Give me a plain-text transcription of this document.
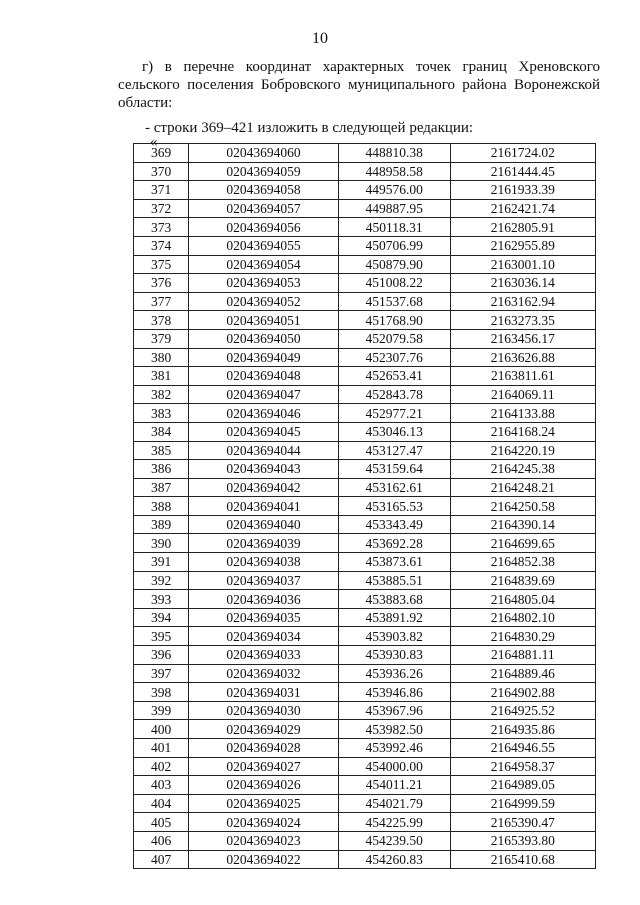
10
г) в перечне координат характерных точек границ Хреновского сельского поселения Бобровского муниципального района Воронежской области:
- строки 369–421 изложить в следующей редакции:
«
369	02043694060	448810.38	2161724.02
370	02043694059	448958.58	2161444.45
371	02043694058	449576.00	2161933.39
372	02043694057	449887.95	2162421.74
373	02043694056	450118.31	2162805.91
374	02043694055	450706.99	2162955.89
375	02043694054	450879.90	2163001.10
376	02043694053	451008.22	2163036.14
377	02043694052	451537.68	2163162.94
378	02043694051	451768.90	2163273.35
379	02043694050	452079.58	2163456.17
380	02043694049	452307.76	2163626.88
381	02043694048	452653.41	2163811.61
382	02043694047	452843.78	2164069.11
383	02043694046	452977.21	2164133.88
384	02043694045	453046.13	2164168.24
385	02043694044	453127.47	2164220.19
386	02043694043	453159.64	2164245.38
387	02043694042	453162.61	2164248.21
388	02043694041	453165.53	2164250.58
389	02043694040	453343.49	2164390.14
390	02043694039	453692.28	2164699.65
391	02043694038	453873.61	2164852.38
392	02043694037	453885.51	2164839.69
393	02043694036	453883.68	2164805.04
394	02043694035	453891.92	2164802.10
395	02043694034	453903.82	2164830.29
396	02043694033	453930.83	2164881.11
397	02043694032	453936.26	2164889.46
398	02043694031	453946.86	2164902.88
399	02043694030	453967.96	2164925.52
400	02043694029	453982.50	2164935.86
401	02043694028	453992.46	2164946.55
402	02043694027	454000.00	2164958.37
403	02043694026	454011.21	2164989.05
404	02043694025	454021.79	2164999.59
405	02043694024	454225.99	2165390.47
406	02043694023	454239.50	2165393.80
407	02043694022	454260.83	2165410.68
